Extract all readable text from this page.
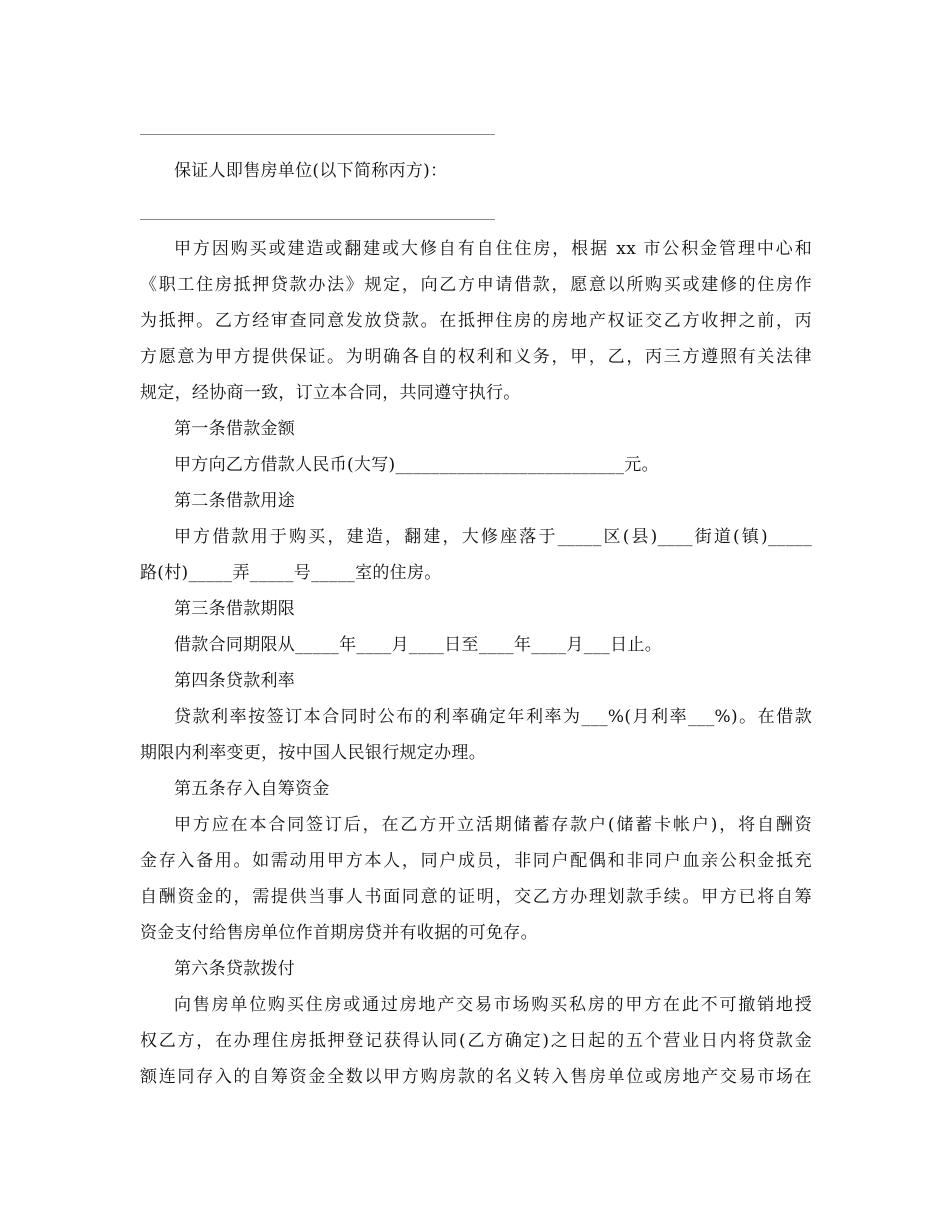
保证人即售房单位(以下简称丙方)：

甲方因购买或建造或翻建或大修自有自住住房，根据 xx 市公积金管理中心和
《职工住房抵押贷款办法》规定，向乙方申请借款，愿意以所购买或建修的住房作
为抵押。乙方经审查同意发放贷款。在抵押住房的房地产权证交乙方收押之前，丙
方愿意为甲方提供保证。为明确各自的权利和义务，甲，乙，丙三方遵照有关法律
规定，经协商一致，订立本合同，共同遵守执行。

第一条借款金额

甲方向乙方借款人民币(大写)__________________________元。

第二条借款用途

甲方借款用于购买，建造，翻建，大修座落于_____区(县)____街道(镇)_____
路(村)_____弄_____号_____室的住房。

第三条借款期限

借款合同期限从_____年____月____日至____年____月___日止。

第四条贷款利率

贷款利率按签订本合同时公布的利率确定年利率为___%(月利率___%)。在借款
期限内利率变更，按中国人民银行规定办理。

第五条存入自筹资金

甲方应在本合同签订后，在乙方开立活期储蓄存款户(储蓄卡帐户)，将自酬资
金存入备用。如需动用甲方本人，同户成员，非同户配偶和非同户血亲公积金抵充
自酬资金的，需提供当事人书面同意的证明，交乙方办理划款手续。甲方已将自筹
资金支付给售房单位作首期房贷并有收据的可免存。

第六条贷款拨付

向售房单位购买住房或通过房地产交易市场购买私房的甲方在此不可撤销地授
权乙方，在办理住房抵押登记获得认同(乙方确定)之日起的五个营业日内将贷款金
额连同存入的自筹资金全数以甲方购房款的名义转入售房单位或房地产交易市场在
